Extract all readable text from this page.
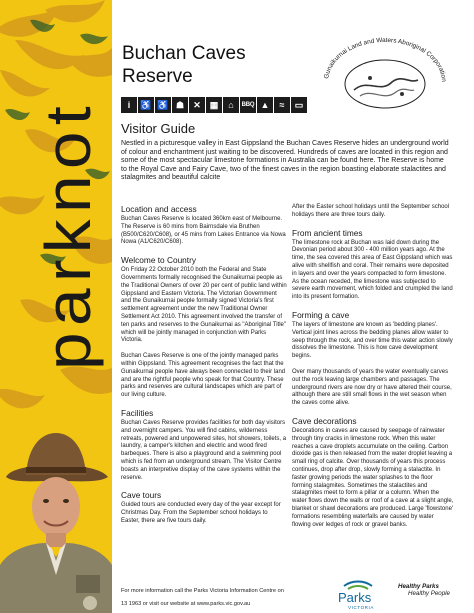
parknot
Buchan Caves
Reserve	Gunaikurnai Land and Waters Aboriginal Corporation
i	♿ ♿ ☗	✕ ▦	⌂	BBQ ▲	≈	▭
Visitor Guide
Nestled in a picturesque valley in East Gippsland the Buchan Caves Reserve hides an underground world of colour and enchantment just waiting to be discovered. Hundreds of caves are located in this region and some of the most spectacular limestone formations in Australia can be found here. The Reserve is home to the Royal Cave and Fairy Cave, two of the finest caves in the region boasting elaborate stalactites and stalagmites and beautiful calcite
Location and access

Buchan Caves Reserve is located 360km east of Melbourne. The Reserve is 60 mins from Bairnsdale via Bruthen (B500/C620/C608), or 45 mins from Lakes Entrance via Nowa Nowa (A1/C620/C608).

Welcome to Country

On Friday 22 October 2010 both the Federal and State Governments formally recognised the Gunaikurnai people as the Traditional Owners of over 20 per cent of public land within Gippsland and Eastern Victoria. The Victorian Government and the Gunaikurnai people formally signed Victoria's first settlement agreement under the new Traditional Owner Settlement Act 2010. This agreement involved the transfer of ten parks and reserves to the Gunaikurnai as "Aboriginal Title" which will be jointly managed in conjunction with Parks Victoria.

Buchan Caves Reserve is one of the jointly managed parks within Gippsland. This agreement recognises the fact that the Gunaikurnai people have always been connected to their land and are the rightful people who speak for that Country. These parks and reserves are cultural landscapes which are part of our living culture.

Facilities

Buchan Caves Reserve provides facilities for both day visitors and overnight campers. You will find cabins, wilderness retreats, powered and unpowered sites, hot showers, toilets, a laundry, a camper's kitchen and electric and wood fired barbeques. There is also a playground and a swimming pool which is fed from an underground stream. The Visitor Centre boasts an interpretive display of the cave systems within the reserve.

Cave tours

Guided tours are conducted every day of the year except for Christmas Day. From the September school holidays to Easter, there are five tours daily.

After the Easter school holidays until the September school holidays there are three tours daily.

From ancient times

The limestone rock at Buchan was laid down during the Devonian period about 300 - 400 million years ago. At the time, the sea covered this area of East Gippsland which was alive with shellfish and coral. Their remains were deposited in layers and over the years compacted to form limestone. As the ocean receded, the limestone was subjected to severe earth movement, which folded and crumpled the land into its present formation.

Forming a cave

The layers of limestone are known as 'bedding planes'. Vertical joint lines across the bedding planes allow water to seep through the rock, and over time this water action slowly dissolves the limestone. This is how cave development begins.

Over many thousands of years the water eventually carves out the rock leaving large chambers and passages. The underground rivers are now dry or have altered their course, although there are still small flows in the wet season when the caves come alive.

Cave decorations

Decorations in caves are caused by seepage of rainwater through tiny cracks in limestone rock. When this water reaches a cave droplets accumulate on the ceiling. Carbon dioxide gas is then released from the water droplet leaving a small ring of calcite. Over thousands of years this process continues, drop after drop, slowly forming a stalactite. In faster growing periods the water splashes to the floor forming stalagmites. Sometimes the stalactites and stalagmites meet to form a pillar or a column. When the water flows down the walls or roof of a cave at a slight angle, blanket or shawl decorations are produced. Large 'flowstone' formations resembling waterfalls are caused by water flowing over ledges of rock or gravel banks.

For more information call the Parks Victoria Information Centre on
13 1963 or visit our website at www.parks.vic.gov.au	Parks
VICTORIA
Healthy Parks
Healthy People
